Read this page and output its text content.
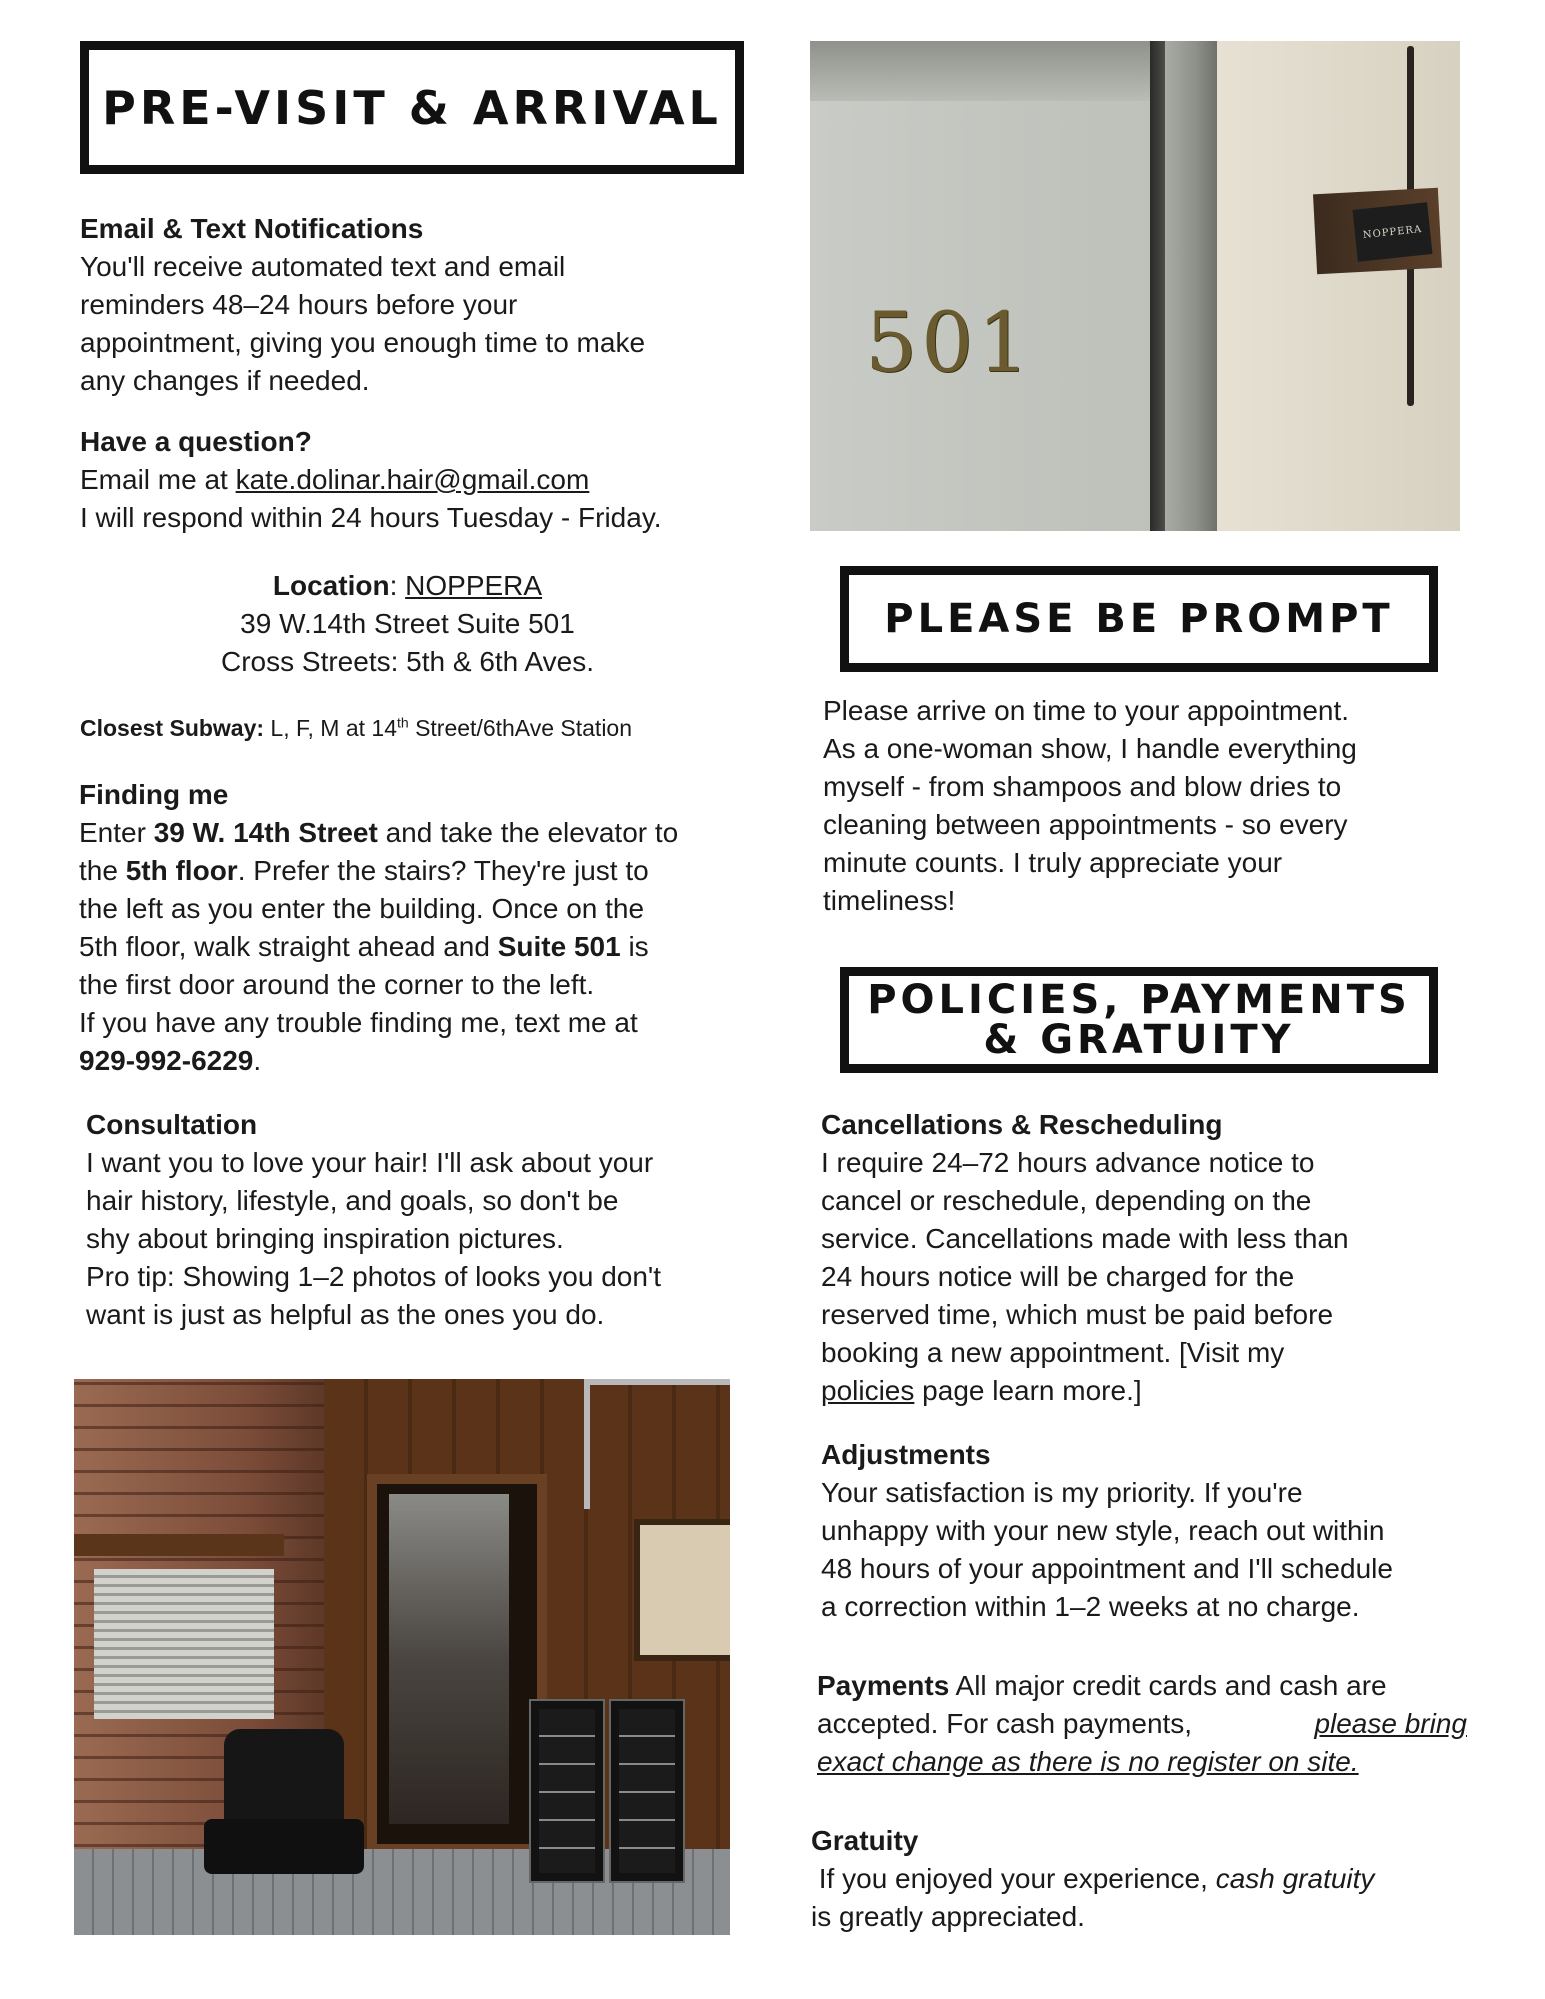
PRE-VISIT & ARRIVAL
Email & Text Notifications
You'll receive automated text and email
reminders 48–24 hours before your
appointment, giving you enough time to make
any changes if needed.
Have a question?
Email me at kate.dolinar.hair@gmail.com
I will respond within 24 hours Tuesday - Friday.
Location: NOPPERA
39 W.14th Street Suite 501
Cross Streets: 5th & 6th Aves.
Closest Subway: L, F, M at 14th Street/6thAve Station
Finding me
Enter 39 W. 14th Street and take the elevator to
the 5th floor. Prefer the stairs? They're just to
the left as you enter the building. Once on the
5th floor, walk straight ahead and Suite 501 is
the first door around the corner to the left.
If you have any trouble finding me, text me at
929-992-6229.
Consultation
I want you to love your hair! I'll ask about your
hair history, lifestyle, and goals, so don't be
shy about bringing inspiration pictures.
Pro tip: Showing 1–2 photos of looks you don't
want is just as helpful as the ones you do.
501
NOPPERA
PLEASE BE PROMPT
Please arrive on time to your appointment.
As a one-woman show, I handle everything
myself - from shampoos and blow dries to
cleaning between appointments - so every
minute counts. I truly appreciate your
timeliness!
POLICIES, PAYMENTS
& GRATUITY
Cancellations & Rescheduling
I require 24–72 hours advance notice to
cancel or reschedule, depending on the
service. Cancellations made with less than
24 hours notice will be charged for the
reserved time, which must be paid before
booking a new appointment. [Visit my
policies page learn more.]
Adjustments
Your satisfaction is my priority. If you're
unhappy with your new style, reach out within
48 hours of your appointment and I'll schedule
a correction within 1–2 weeks at no charge.
Payments All major credit cards and cash are
accepted. For cash payments,	please bring
exact change as there is no register on site.
Gratuity
If you enjoyed your experience, cash gratuity
is greatly appreciated.
